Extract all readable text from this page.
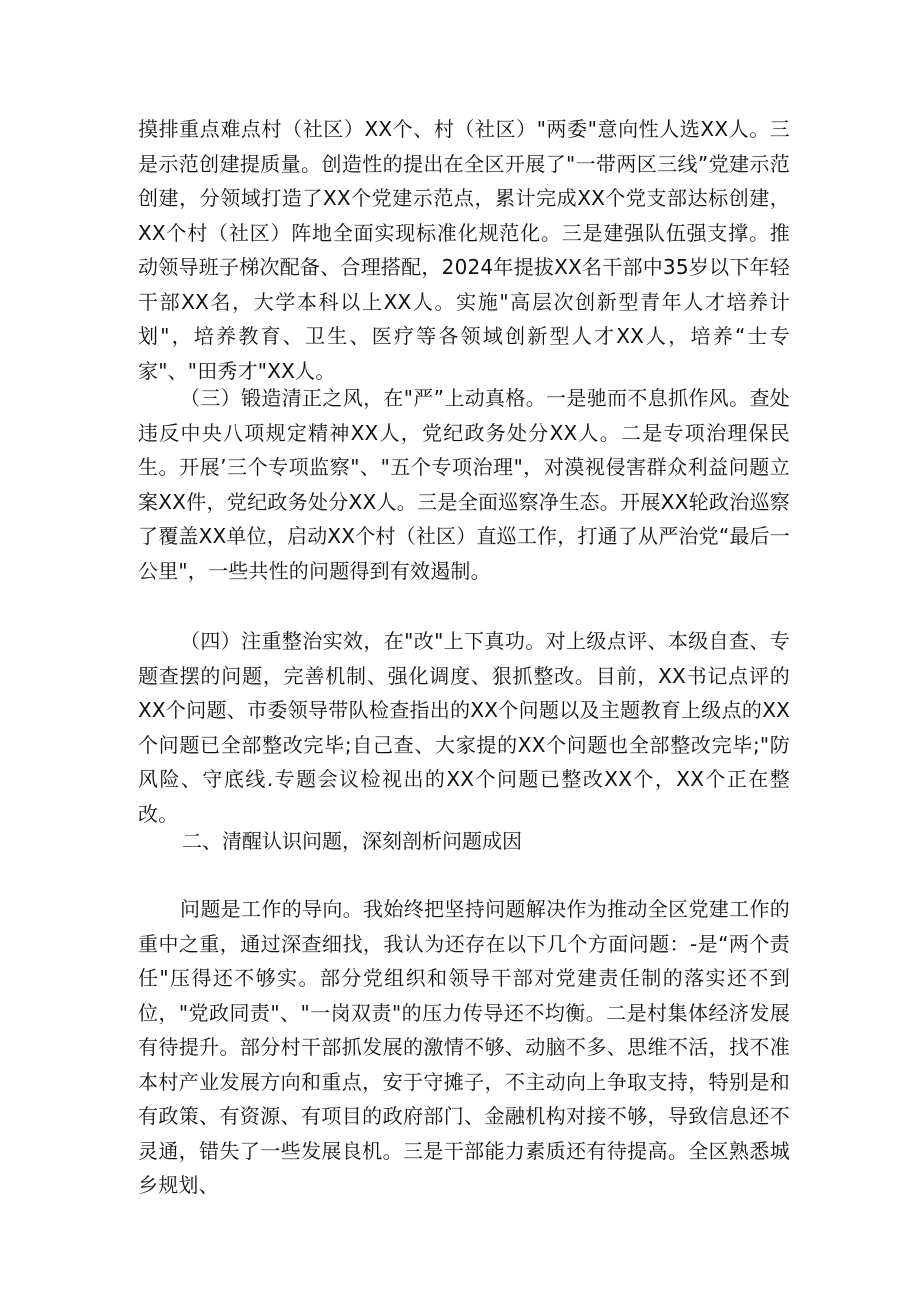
摸排重点难点村（社区）XX个、村（社区）"两委"意向性人选XX人。三是示范创建提质量。创造性的提出在全区开展了"一带两区三线”党建示范创建，分领域打造了XX个党建示范点，累计完成XX个党支部达标创建，XX个村（社区）阵地全面实现标准化规范化。三是建强队伍强支撑。推动领导班子梯次配备、合理搭配，2024年提拔XX名干部中35岁以下年轻干部XX名，大学本科以上XX人。实施"高层次创新型青年人才培养计划"，培养教育、卫生、医疗等各领域创新型人才XX人，培养“士专家"、"田秀才"XX人。

（三）锻造清正之风，在"严”上动真格。一是驰而不息抓作风。查处违反中央八项规定精神XX人，党纪政务处分XX人。二是专项治理保民生。开展’三个专项监察"、"五个专项治理"，对漠视侵害群众利益问题立案XX件，党纪政务处分XX人。三是全面巡察净生态。开展XX轮政治巡察了覆盖XX单位，启动XX个村（社区）直巡工作，打通了从严治党“最后一公里"，一些共性的问题得到有效遏制。

（四）注重整治实效，在"改"上下真功。对上级点评、本级自查、专题查摆的问题，完善机制、强化调度、狠抓整改。目前，XX书记点评的XX个问题、市委领导带队检查指出的XX个问题以及主题教育上级点的XX个问题已全部整改完毕;自己查、大家提的XX个问题也全部整改完毕;"防风险、守底线.专题会议检视出的XX个问题已整改XX个，XX个正在整改。

二、清醒认识问题，深刻剖析问题成因

问题是工作的导向。我始终把坚持问题解决作为推动全区党建工作的重中之重，通过深查细找，我认为还存在以下几个方面问题：-是“两个责任"压得还不够实。部分党组织和领导干部对党建责任制的落实还不到位，"党政同责"、"一岗双责"的压力传导还不均衡。二是村集体经济发展有待提升。部分村干部抓发展的激情不够、动脑不多、思维不活，找不准本村产业发展方向和重点，安于守摊子，不主动向上争取支持，特别是和有政策、有资源、有项目的政府部门、金融机构对接不够，导致信息还不灵通，错失了一些发展良机。三是干部能力素质还有待提高。全区熟悉城乡规划、
